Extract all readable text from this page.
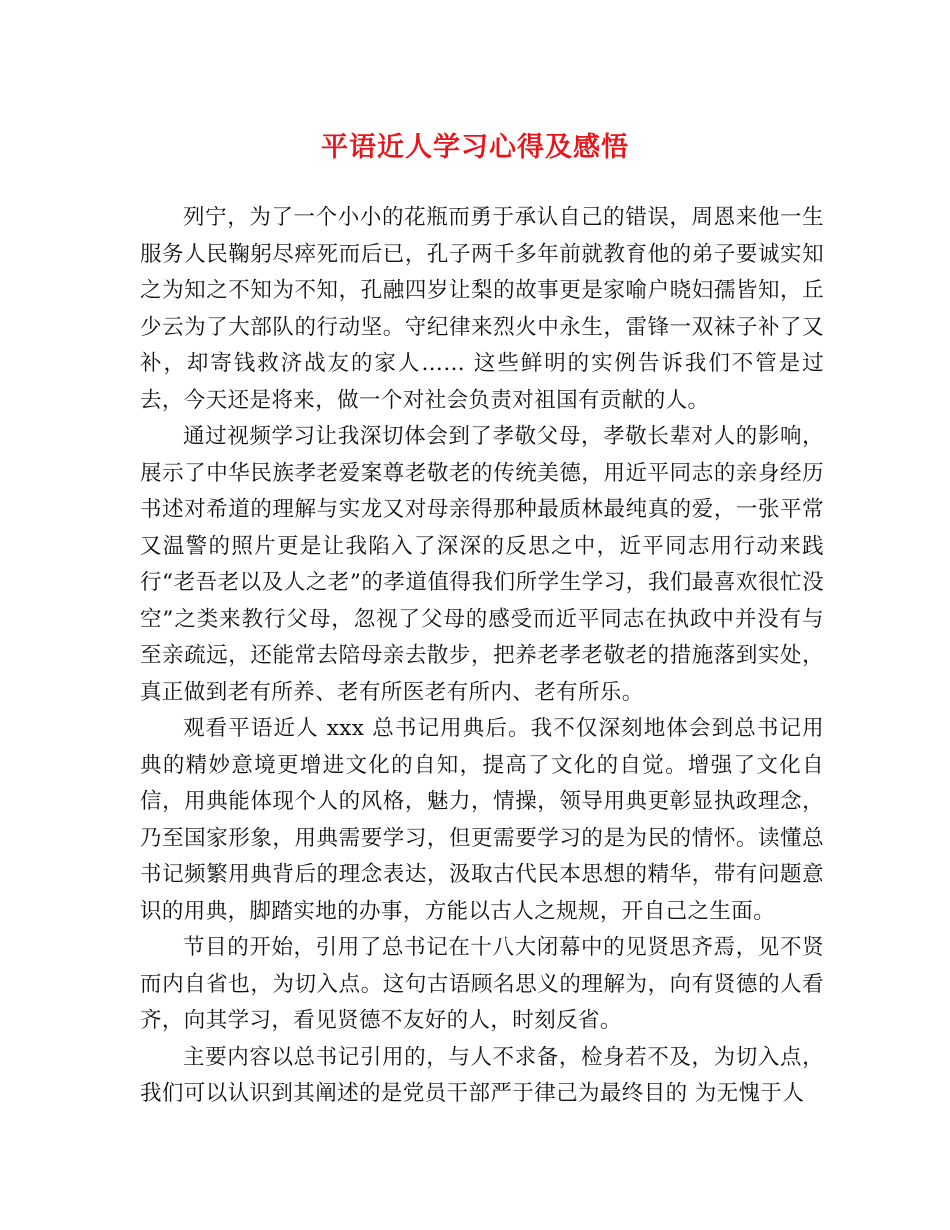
平语近人学习心得及感悟

列宁，为了一个小小的花瓶而勇于承认自己的错误，周恩来他一生服务人民鞠躬尽瘁死而后已，孔子两千多年前就教育他的弟子要诚实知之为知之不知为不知，孔融四岁让梨的故事更是家喻户晓妇孺皆知，丘少云为了大部队的行动坚。守纪律来烈火中永生，雷锋一双袜子补了又补，却寄钱救济战友的家人…… 这些鲜明的实例告诉我们不管是过去，今天还是将来，做一个对社会负责对祖国有贡献的人。

通过视频学习让我深切体会到了孝敬父母，孝敬长辈对人的影响，展示了中华民族孝老爱案尊老敬老的传统美德，用近平同志的亲身经历书述对希道的理解与实龙又对母亲得那种最质林最纯真的爱，一张平常又温警的照片更是让我陷入了深深的反思之中，近平同志用行动来践行“老吾老以及人之老”的孝道值得我们所学生学习，我们最喜欢很忙没空”之类来教行父母，忽视了父母的感受而近平同志在执政中并没有与至亲疏远，还能常去陪母亲去散步，把养老孝老敬老的措施落到实处，真正做到老有所养、老有所医老有所内、老有所乐。

观看平语近人 xxx 总书记用典后。我不仅深刻地体会到总书记用典的精妙意境更增进文化的自知，提高了文化的自觉。增强了文化自信，用典能体现个人的风格，魅力，情操，领导用典更彰显执政理念，乃至国家形象，用典需要学习，但更需要学习的是为民的情怀。读懂总书记频繁用典背后的理念表达，汲取古代民本思想的精华，带有问题意识的用典，脚踏实地的办事，方能以古人之规规，开自己之生面。

节目的开始，引用了总书记在十八大闭幕中的见贤思齐焉，见不贤而内自省也，为切入点。这句古语顾名思义的理解为，向有贤德的人看齐，向其学习，看见贤德不友好的人，时刻反省。

主要内容以总书记引用的，与人不求备，检身若不及，为切入点，我们可以认识到其阐述的是党员干部严于律己为最终目的 为无愧于人
